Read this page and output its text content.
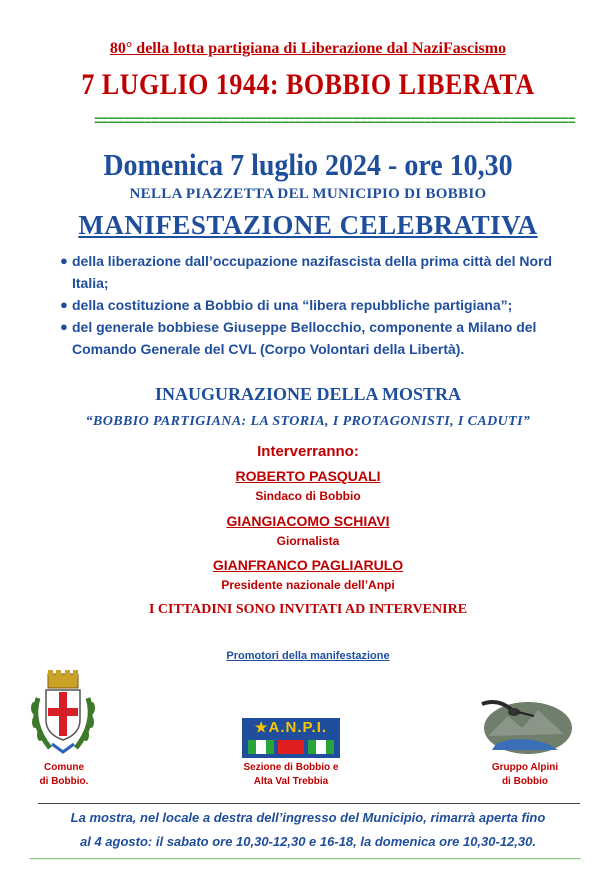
80° della lotta partigiana di Liberazione dal NaziFascismo
7 LUGLIO 1944: BOBBIO LIBERATA
===================================================================
Domenica 7 luglio 2024 - ore 10,30
NELLA PIAZZETTA DEL MUNICIPIO DI BOBBIO
MANIFESTAZIONE CELEBRATIVA
● della liberazione dall’occupazione nazifascista della prima città del Nord Italia;
● della costituzione a Bobbio di una “libera repubbliche partigiana”;
● del generale bobbiese Giuseppe Bellocchio, componente a Milano del Comando Generale del CVL (Corpo Volontari della Libertà).
INAUGURAZIONE DELLA MOSTRA
“BOBBIO PARTIGIANA: LA STORIA, I PROTAGONISTI, I CADUTI”
Interverranno:
ROBERTO PASQUALI
Sindaco di Bobbio
GIANGIACOMO SCHIAVI
Giornalista
GIANFRANCO PAGLIARULO
Presidente nazionale dell’Anpi
I CITTADINI SONO INVITATI AD INTERVENIRE
Promotori della manifestazione
Comune
di Bobbio.
★A.N.P.I.
Sezione di Bobbio e
Alta Val Trebbia
Gruppo Alpini
di Bobbio
La mostra, nel locale a destra dell’ingresso del Municipio, rimarrà aperta fino
al 4 agosto: il sabato ore 10,30-12,30 e 16-18, la domenica ore 10,30-12,30.
__________________________________________________________________________________________
